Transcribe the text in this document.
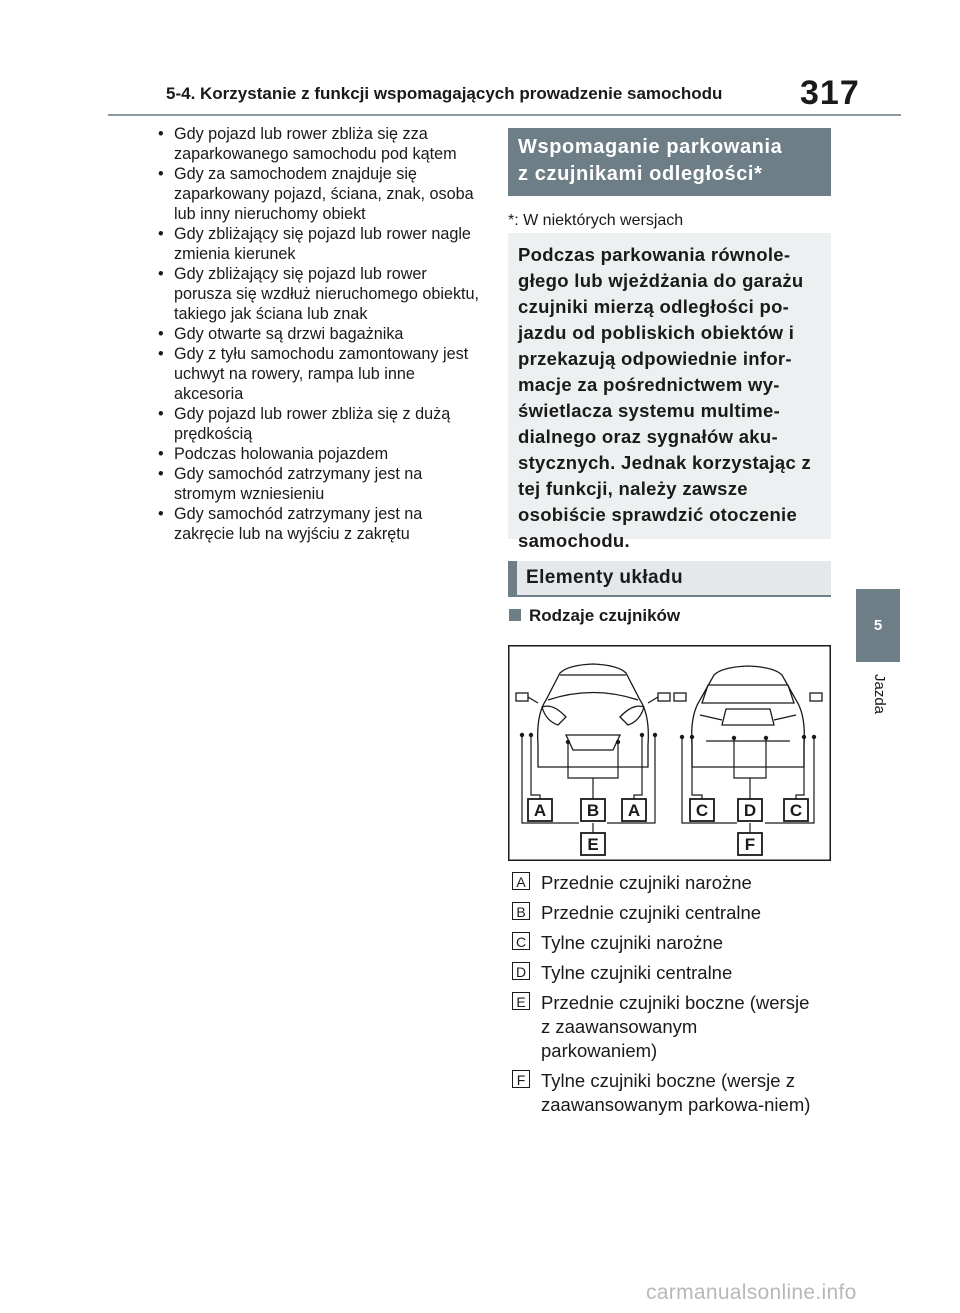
5-4. Korzystanie z funkcji wspomagających prowadzenie samochodu 317
• Gdy pojazd lub rower zbliża się zza zaparkowanego samochodu pod kątem
• Gdy za samochodem znajduje się zaparkowany pojazd, ściana, znak, osoba lub inny nieruchomy obiekt
• Gdy zbliżający się pojazd lub rower nagle zmienia kierunek
• Gdy zbliżający się pojazd lub rower porusza się wzdłuż nieruchomego obiektu, takiego jak ściana lub znak
• Gdy otwarte są drzwi bagażnika
• Gdy z tyłu samochodu zamontowany jest uchwyt na rowery, rampa lub inne akcesoria
• Gdy pojazd lub rower zbliża się z dużą prędkością
• Podczas holowania pojazdem
• Gdy samochód zatrzymany jest na stromym wzniesieniu
• Gdy samochód zatrzymany jest na zakręcie lub na wyjściu z zakrętu
Wspomaganie parkowania
z czujnikami odległości*
*: W niektórych wersjach
Podczas parkowania równole-głego lub wjeżdżania do garażu czujniki mierzą odległości po-jazdu od pobliskich obiektów i przekazują odpowiednie infor-macje za pośrednictwem wy-świetlacza systemu multime-dialnego oraz sygnałów aku-stycznych. Jednak korzystając z tej funkcji, należy zawsze osobiście sprawdzić otoczenie samochodu.
Elementy układu
Rodzaje czujników
A B A	C D C
E	F
A Przednie czujniki narożne
B Przednie czujniki centralne
C Tylne czujniki narożne
D Tylne czujniki centralne
E Przednie czujniki boczne (wersje z zaawansowanym parkowaniem)
F Tylne czujniki boczne (wersje z zaawansowanym parkowa-niem)
5
Jazda
carmanualsonline.info
